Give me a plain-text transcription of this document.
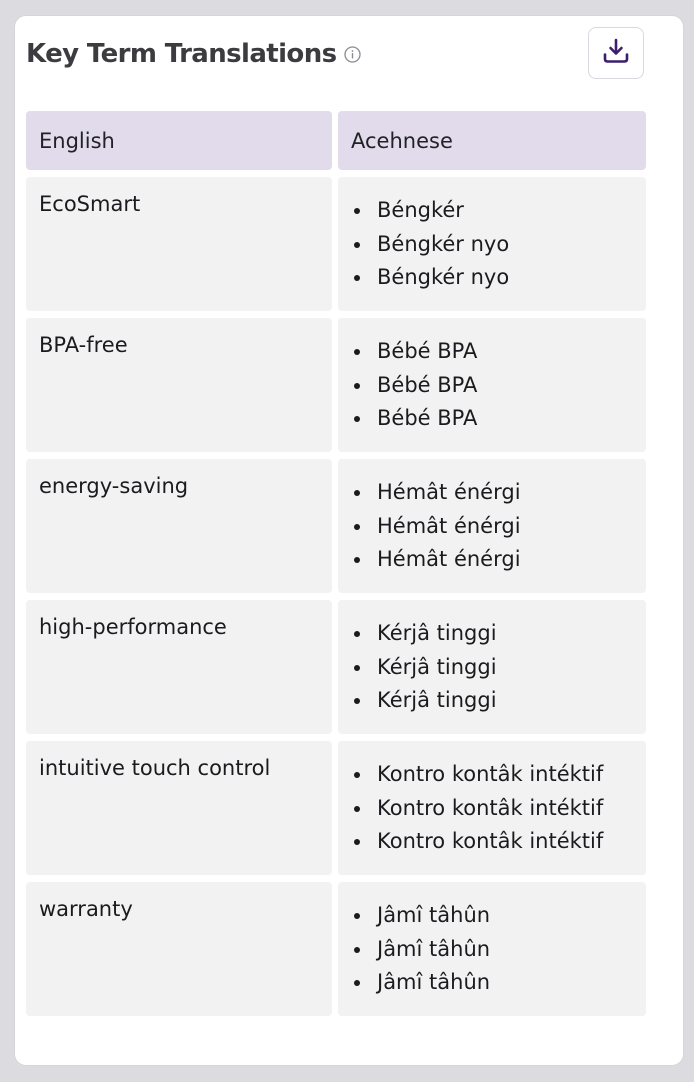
Key Term Translations
English	Acehnese
EcoSmart	Béngkér
Béngkér nyo
Béngkér nyo
BPA-free	Bébé BPA
Bébé BPA
Bébé BPA
energy-saving	Hémât énérgi
Hémât énérgi
Hémât énérgi
high-performance	Kérjâ tinggi
Kérjâ tinggi
Kérjâ tinggi
intuitive touch control	Kontro kontâk intéktif
Kontro kontâk intéktif
Kontro kontâk intéktif
warranty	Jâmî tâhûn
Jâmî tâhûn
Jâmî tâhûn
